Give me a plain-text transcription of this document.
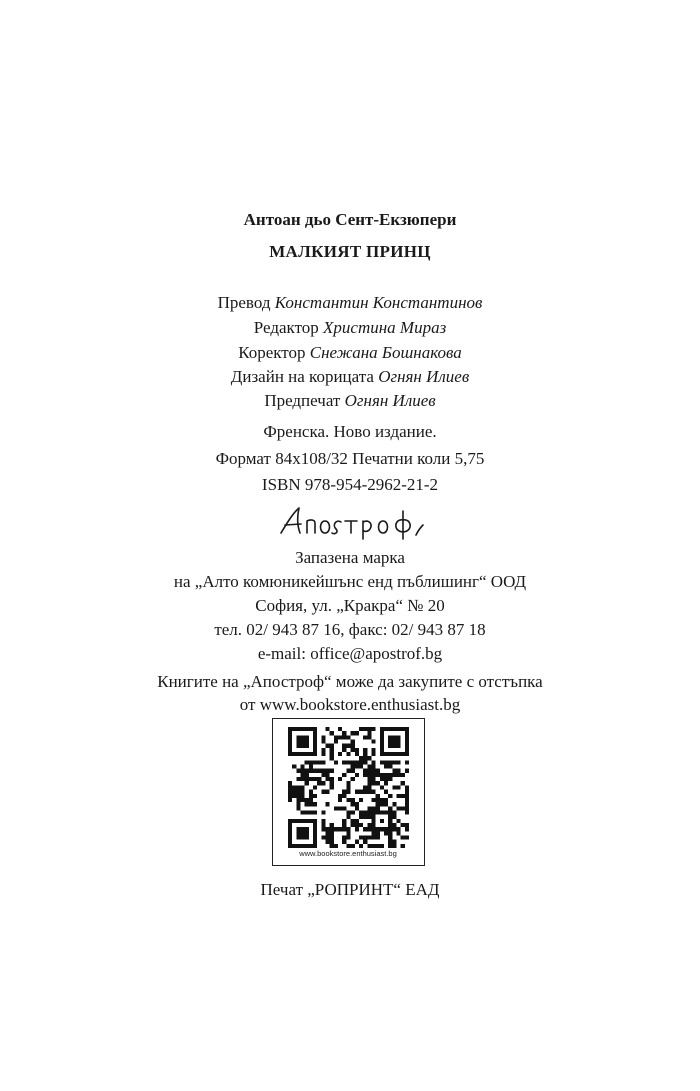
Антоан дьо Сент-Екзюпери
МАЛКИЯТ ПРИНЦ
Превод Константин Константинов
Редактор Христина Мираз
Коректор Снежана Бошнакова
Дизайн на корицата Огнян Илиев
Предпечат Огнян Илиев
Френска. Ново издание.
Формат 84x108/32 Печатни коли 5,75
ISBN 978-954-2962-21-2
Запазена марка
на „Алто комюникейшънс енд пъблишинг“ ООД
София, ул. „Кракра“ № 20
тел. 02/ 943 87 16, факс: 02/ 943 87 18
e-mail: office@apostrof.bg
Книгите на „Апостроф“ може да закупите с отстъпка
от www.bookstore.enthusiast.bg
www.bookstore.enthusiast.bg
Печат „РОПРИНТ“ ЕАД
